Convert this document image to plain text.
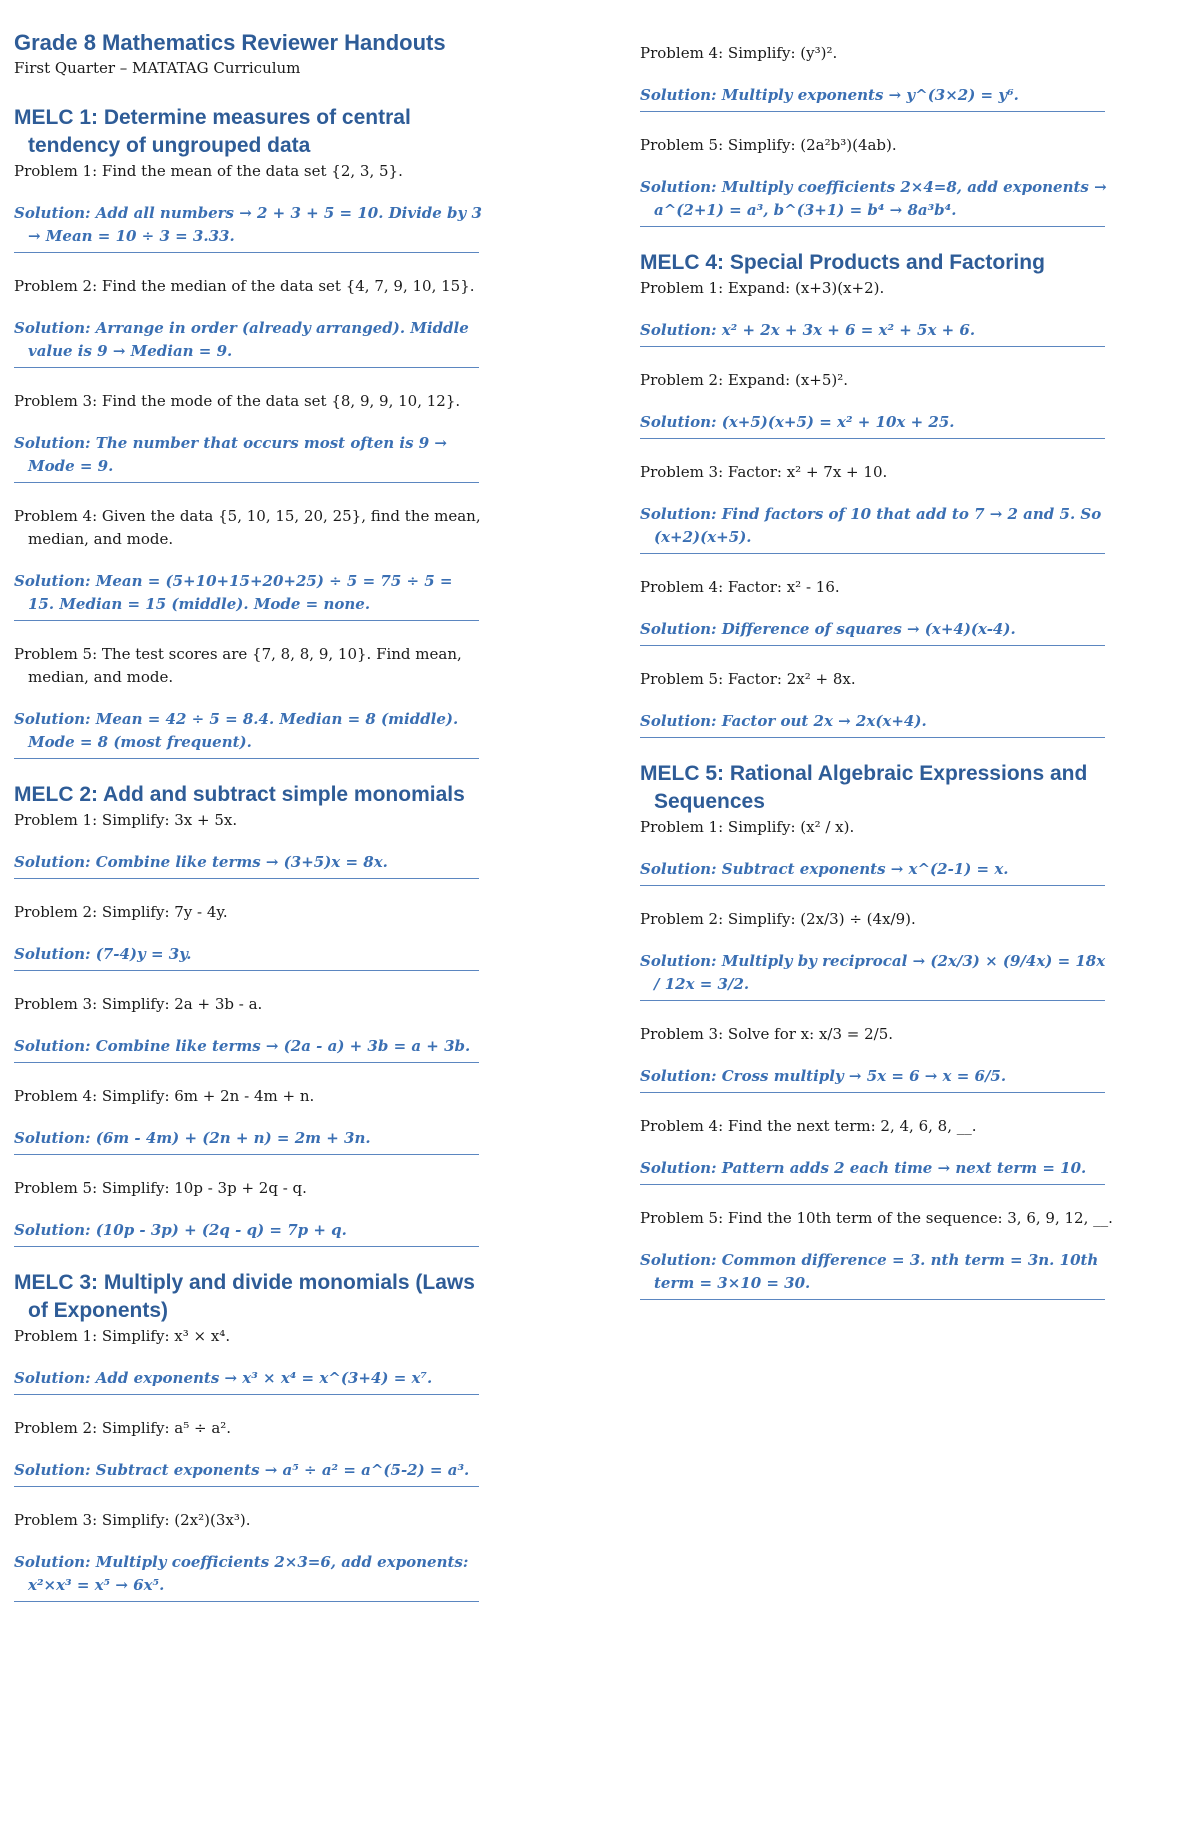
Grade 8 Mathematics Reviewer Handouts

First Quarter – MATATAG Curriculum

MELC 1: Determine measures of central tendency of ungrouped data

Problem 1: Find the mean of the data set {2, 3, 5}.

Solution: Add all numbers → 2 + 3 + 5 = 10. Divide by 3 → Mean = 10 ÷ 3 = 3.33.

Problem 2: Find the median of the data set {4, 7, 9, 10, 15}.

Solution: Arrange in order (already arranged). Middle value is 9 → Median = 9.

Problem 3: Find the mode of the data set {8, 9, 9, 10, 12}.

Solution: The number that occurs most often is 9 → Mode = 9.

Problem 4: Given the data {5, 10, 15, 20, 25}, find the mean, median, and mode.

Solution: Mean = (5+10+15+20+25) ÷ 5 = 75 ÷ 5 = 15. Median = 15 (middle). Mode = none.

Problem 5: The test scores are {7, 8, 8, 9, 10}. Find mean, median, and mode.

Solution: Mean = 42 ÷ 5 = 8.4. Median = 8 (middle). Mode = 8 (most frequent).

MELC 2: Add and subtract simple monomials

Problem 1: Simplify: 3x + 5x.

Solution: Combine like terms → (3+5)x = 8x.

Problem 2: Simplify: 7y - 4y.

Solution: (7-4)y = 3y.

Problem 3: Simplify: 2a + 3b - a.

Solution: Combine like terms → (2a - a) + 3b = a + 3b.

Problem 4: Simplify: 6m + 2n - 4m + n.

Solution: (6m - 4m) + (2n + n) = 2m + 3n.

Problem 5: Simplify: 10p - 3p + 2q - q.

Solution: (10p - 3p) + (2q - q) = 7p + q.

MELC 3: Multiply and divide monomials (Laws of Exponents)

Problem 1: Simplify: x³ × x⁴.

Solution: Add exponents → x³ × x⁴ = x^(3+4) = x⁷.

Problem 2: Simplify: a⁵ ÷ a².

Solution: Subtract exponents → a⁵ ÷ a² = a^(5-2) = a³.

Problem 3: Simplify: (2x²)(3x³).

Solution: Multiply coefficients 2×3=6, add exponents: x²×x³ = x⁵ → 6x⁵.

Problem 4: Simplify: (y³)².

Solution: Multiply exponents → y^(3×2) = y⁶.

Problem 5: Simplify: (2a²b³)(4ab).

Solution: Multiply coefficients 2×4=8, add exponents → a^(2+1) = a³, b^(3+1) = b⁴ → 8a³b⁴.

MELC 4: Special Products and Factoring

Problem 1: Expand: (x+3)(x+2).

Solution: x² + 2x + 3x + 6 = x² + 5x + 6.

Problem 2: Expand: (x+5)².

Solution: (x+5)(x+5) = x² + 10x + 25.

Problem 3: Factor: x² + 7x + 10.

Solution: Find factors of 10 that add to 7 → 2 and 5. So (x+2)(x+5).

Problem 4: Factor: x² - 16.

Solution: Difference of squares → (x+4)(x-4).

Problem 5: Factor: 2x² + 8x.

Solution: Factor out 2x → 2x(x+4).

MELC 5: Rational Algebraic Expressions and Sequences

Problem 1: Simplify: (x² / x).

Solution: Subtract exponents → x^(2-1) = x.

Problem 2: Simplify: (2x/3) ÷ (4x/9).

Solution: Multiply by reciprocal → (2x/3) × (9/4x) = 18x / 12x = 3/2.

Problem 3: Solve for x: x/3 = 2/5.

Solution: Cross multiply → 5x = 6 → x = 6/5.

Problem 4: Find the next term: 2, 4, 6, 8, __.

Solution: Pattern adds 2 each time → next term = 10.

Problem 5: Find the 10th term of the sequence: 3, 6, 9, 12, __.

Solution: Common difference = 3. nth term = 3n. 10th term = 3×10 = 30.
